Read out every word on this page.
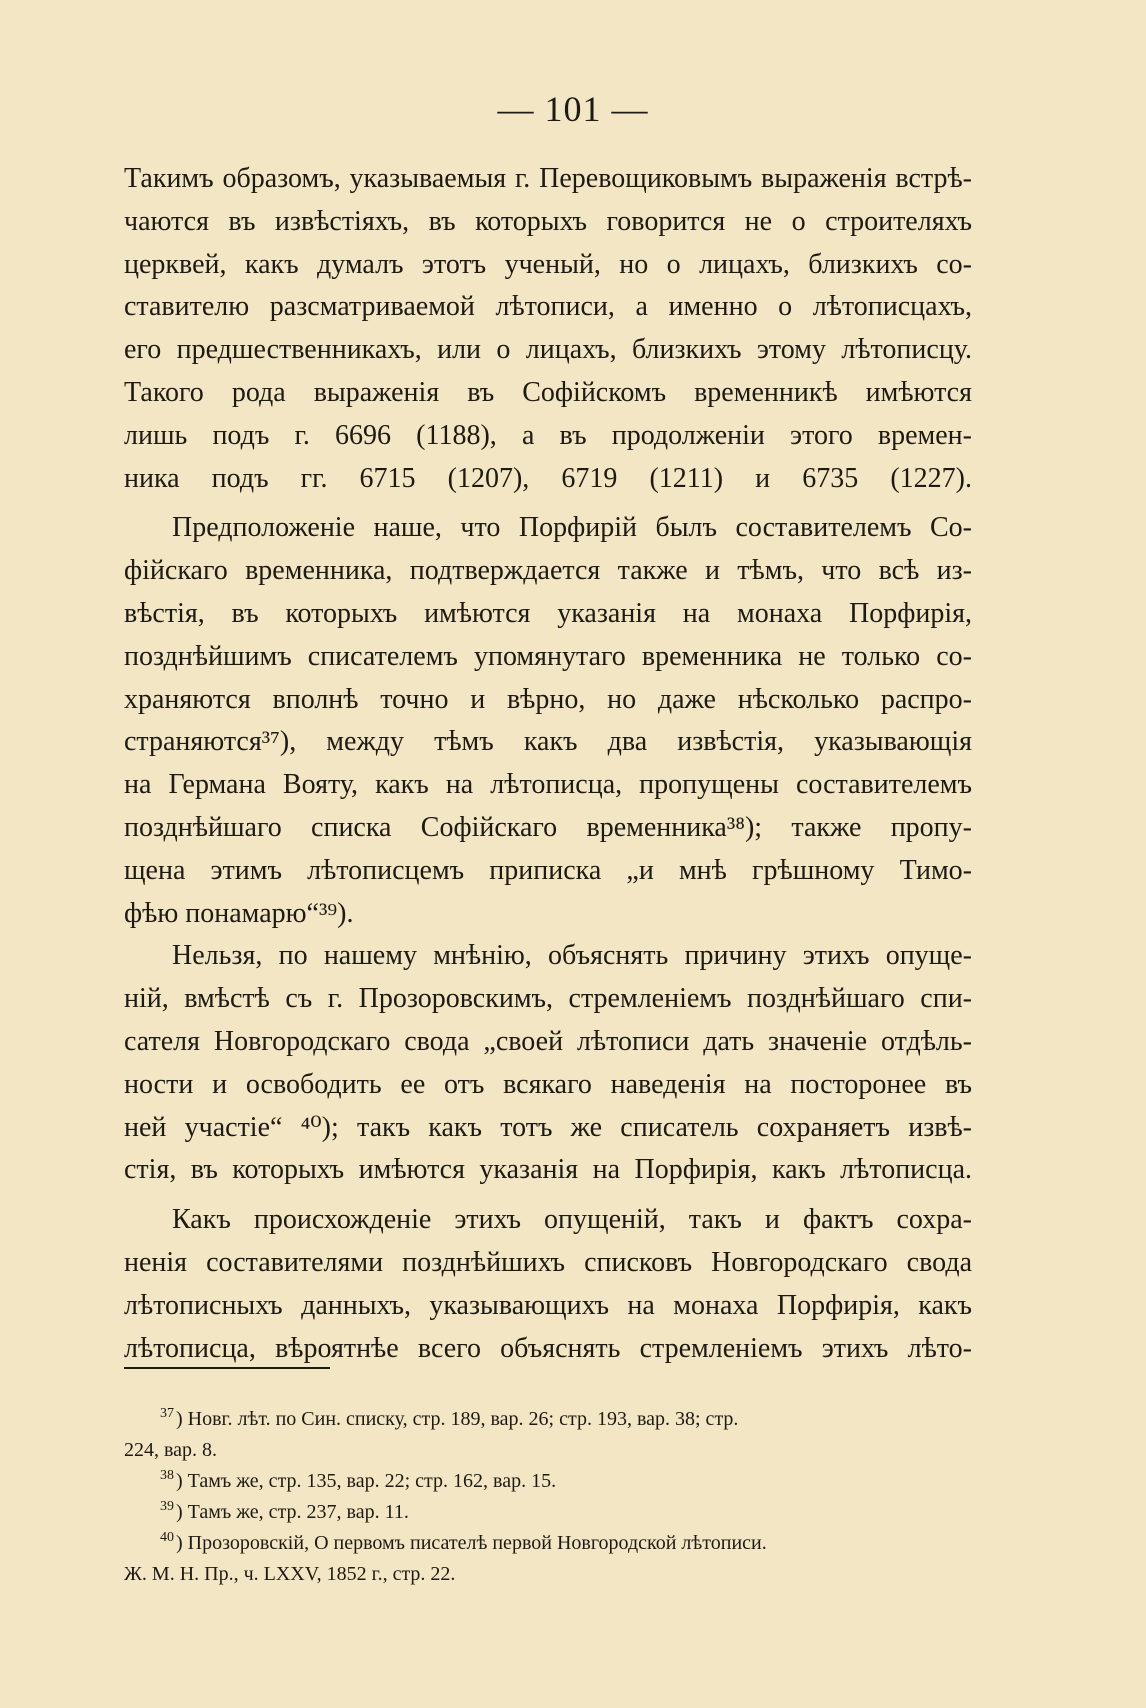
— 101 —
Такимъ образомъ, указываемыя г. Перевощиковымъ выраженія встрѣ-
чаются въ извѣстіяхъ, въ которыхъ говорится не о строителяхъ
церквей, какъ думалъ этотъ ученый, но о лицахъ, близкихъ со-
ставителю разсматриваемой лѣтописи, а именно о лѣтописцахъ,
его предшественникахъ, или о лицахъ, близкихъ этому лѣтописцу.
Такого рода выраженія въ Софійскомъ временникѣ имѣются
лишь подъ г. 6696 (1188), а въ продолженіи этого времен-
ника подъ гг. 6715 (1207), 6719 (1211) и 6735 (1227).
Предположеніе наше, что Порфирій былъ составителемъ Со-
фійскаго временника, подтверждается также и тѣмъ, что всѣ из-
вѣстія, въ которыхъ имѣются указанія на монаха Порфирія,
позднѣйшимъ списателемъ упомянутаго временника не только со-
храняются вполнѣ точно и вѣрно, но даже нѣсколько распро-
страняются³⁷), между тѣмъ какъ два извѣстія, указывающія
на Германа Вояту, какъ на лѣтописца, пропущены составителемъ
позднѣйшаго списка Софійскаго временника³⁸); также пропу-
щена этимъ лѣтописцемъ приписка „и мнѣ грѣшному Тимо-
фѣю понамарю“³⁹).
Нельзя, по нашему мнѣнію, объяснять причину этихъ опуще-
ній, вмѣстѣ съ г. Прозоровскимъ, стремленіемъ позднѣйшаго спи-
сателя Новгородскаго свода „своей лѣтописи дать значеніе отдѣль-
ности и освободить ее отъ всякаго наведенія на посторонее въ
ней участіе“ ⁴⁰); такъ какъ тотъ же списатель сохраняетъ извѣ-
стія, въ которыхъ имѣются указанія на Порфирія, какъ лѣтописца.
Какъ происхожденіе этихъ опущеній, такъ и фактъ сохра-
ненія составителями позднѣйшихъ списковъ Новгородскаго свода
лѣтописныхъ данныхъ, указывающихъ на монаха Порфирія, какъ
лѣтописца, вѣроятнѣе всего объяснять стремленіемъ этихъ лѣто-
$^{37}$ ) Новг. лѣт. по Син. списку, стр. 189, вар. 26; стр. 193, вар. 38; стр.
224, вар. 8.
$^{38}$ ) Тамъ же, стр. 135, вар. 22; стр. 162, вар. 15.
$^{39}$ ) Тамъ же, стр. 237, вар. 11.
$^{40}$ ) Прозоровскій, О первомъ писателѣ первой Новгородской лѣтописи.
Ж. М. Н. Пр., ч. LXXV, 1852 г., стр. 22.
